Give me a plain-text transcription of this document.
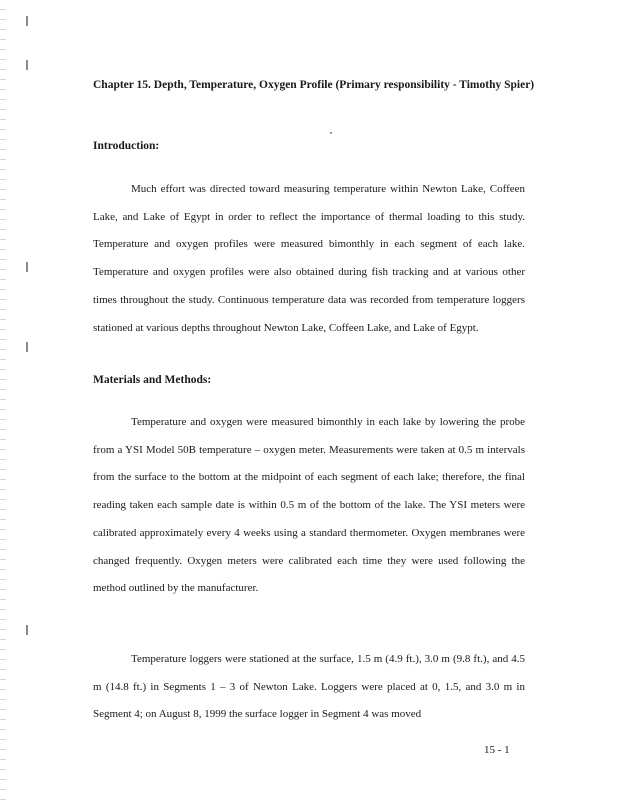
Chapter 15. Depth, Temperature, Oxygen Profile (Primary responsibility - Timothy Spier)
Introduction:

Much effort was directed toward measuring temperature within Newton Lake, Coffeen Lake, and Lake of Egypt in order to reflect the importance of thermal loading to this study. Temperature and oxygen profiles were measured bimonthly in each segment of each lake. Temperature and oxygen profiles were also obtained during fish tracking and at various other times throughout the study. Continuous temperature data was recorded from temperature loggers stationed at various depths throughout Newton Lake, Coffeen Lake, and Lake of Egypt.

Materials and Methods:

Temperature and oxygen were measured bimonthly in each lake by lowering the probe from a YSI Model 50B temperature – oxygen meter. Measurements were taken at 0.5 m intervals from the surface to the bottom at the midpoint of each segment of each lake; therefore, the final reading taken each sample date is within 0.5 m of the bottom of the lake. The YSI meters were calibrated approximately every 4 weeks using a standard thermometer. Oxygen membranes were changed frequently. Oxygen meters were calibrated each time they were used following the method outlined by the manufacturer.

Temperature loggers were stationed at the surface, 1.5 m (4.9 ft.), 3.0 m (9.8 ft.), and 4.5 m (14.8 ft.) in Segments 1 – 3 of Newton Lake. Loggers were placed at 0, 1.5, and 3.0 m in Segment 4; on August 8, 1999 the surface logger in Segment 4 was moved

15 - 1
